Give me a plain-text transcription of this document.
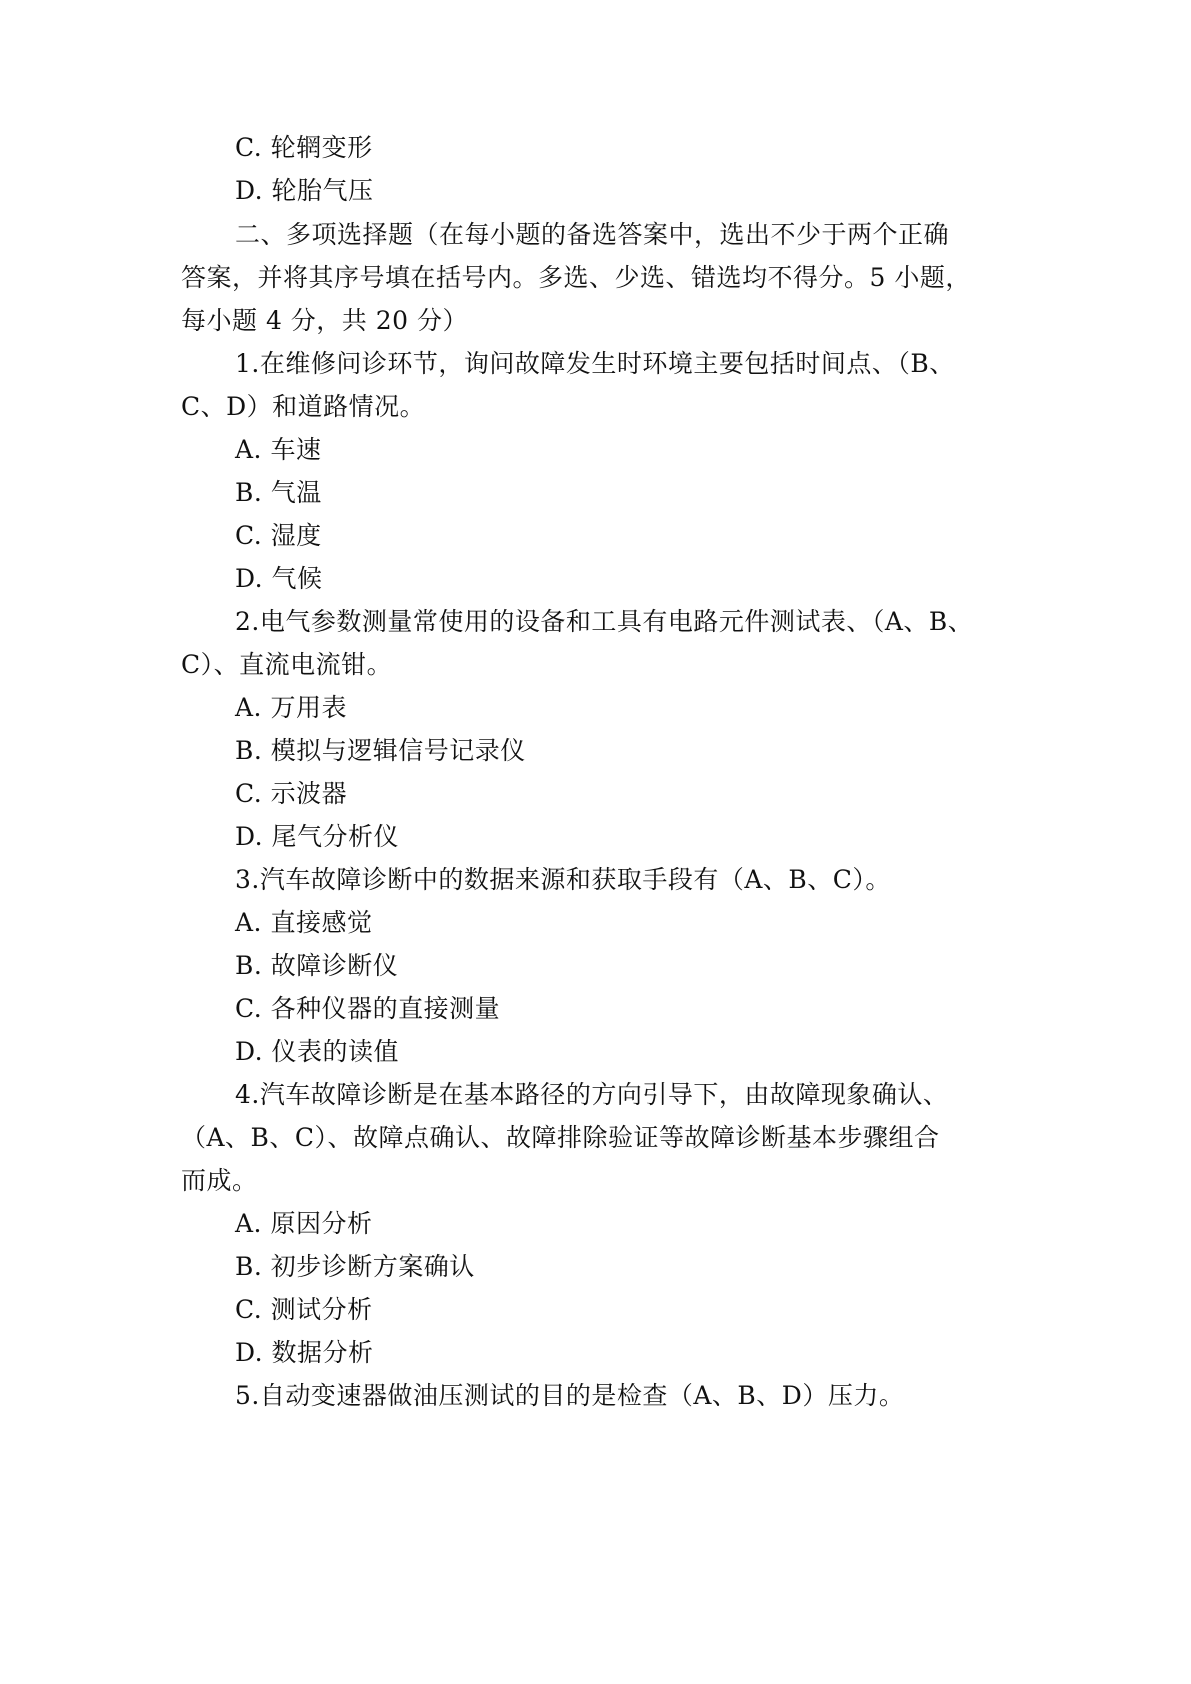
C. 轮辋变形
D. 轮胎气压
二、多项选择题（在每小题的备选答案中，选出不少于两个正确
答案，并将其序号填在括号内。多选、少选、错选均不得分。5 小题，
每小题 4 分，共 20 分）
1.在维修问诊环节，询问故障发生时环境主要包括时间点、（B、
C、D）和道路情况。
A. 车速
B. 气温
C. 湿度
D. 气候
2.电气参数测量常使用的设备和工具有电路元件测试表、（A、B、
C）、直流电流钳。
A. 万用表
B. 模拟与逻辑信号记录仪
C. 示波器
D. 尾气分析仪
3.汽车故障诊断中的数据来源和获取手段有（A、B、C）。
A. 直接感觉
B. 故障诊断仪
C. 各种仪器的直接测量
D. 仪表的读值
4.汽车故障诊断是在基本路径的方向引导下，由故障现象确认、
（A、B、C）、故障点确认、故障排除验证等故障诊断基本步骤组合
而成。
A. 原因分析
B. 初步诊断方案确认
C. 测试分析
D. 数据分析
5.自动变速器做油压测试的目的是检查（A、B、D）压力。
